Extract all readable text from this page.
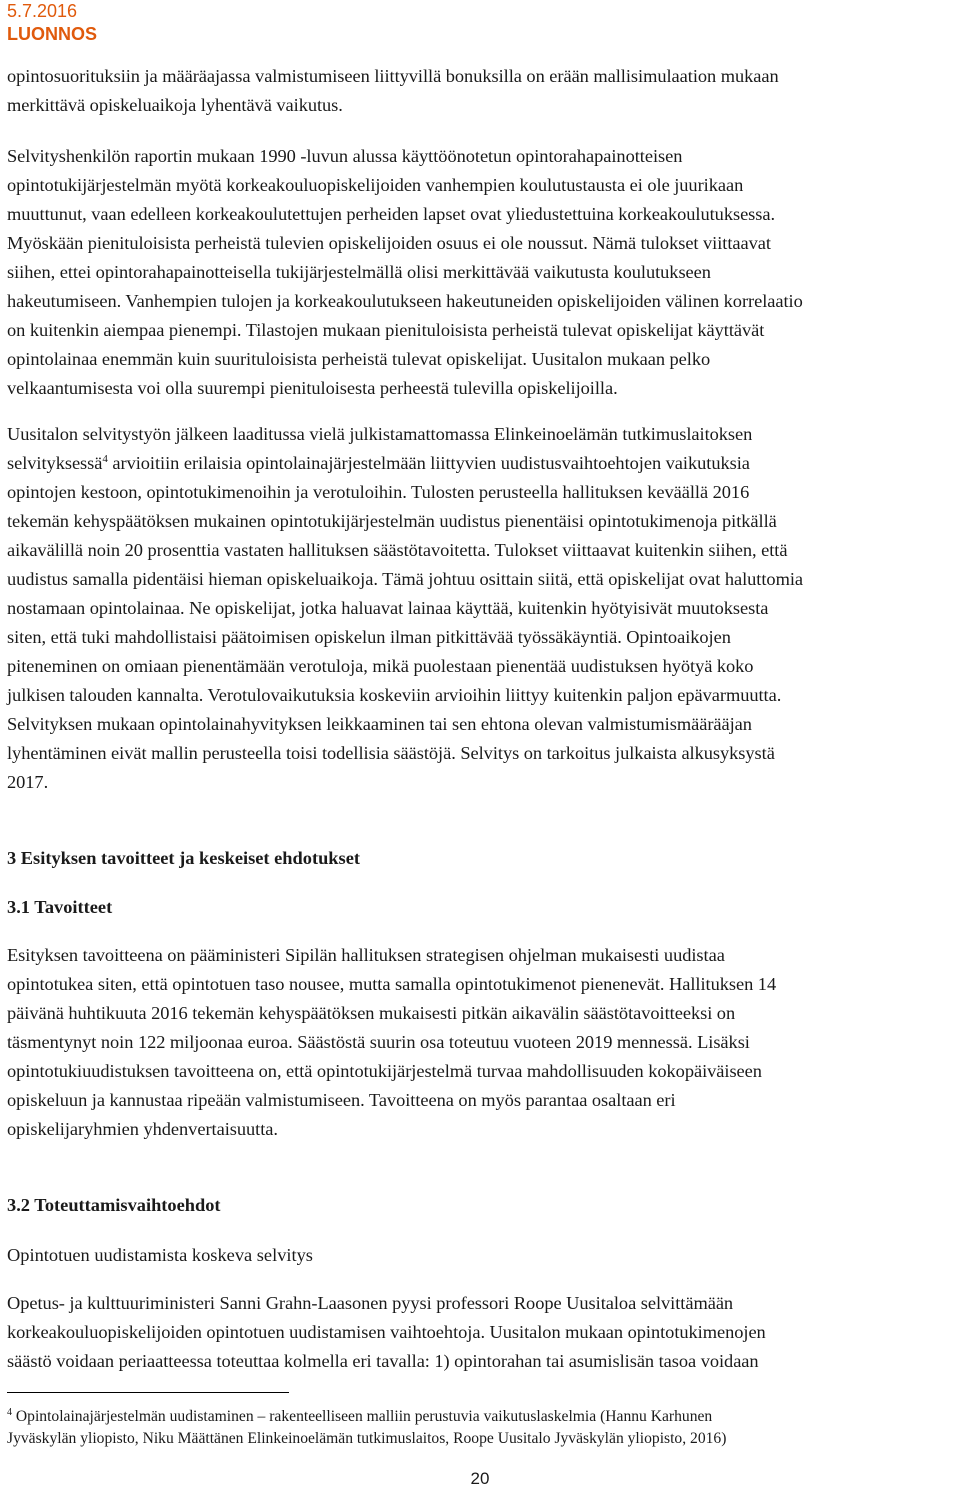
5.7.2016
LUONNOS

opintosuorituksiin ja määräajassa valmistumiseen liittyvillä bonuksilla on erään mallisimulaation mukaan
merkittävä opiskeluaikoja lyhentävä vaikutus.

Selvityshenkilön raportin mukaan 1990 -luvun alussa käyttöönotetun opintorahapainotteisen
opintotukijärjestelmän myötä korkeakouluopiskelijoiden vanhempien koulutustausta ei ole juurikaan
muuttunut, vaan edelleen korkeakoulutettujen perheiden lapset ovat yliedustettuina korkeakoulutuksessa.
Myöskään pienituloisista perheistä tulevien opiskelijoiden osuus ei ole noussut. Nämä tulokset viittaavat
siihen, ettei opintorahapainotteisella tukijärjestelmällä olisi merkittävää vaikutusta koulutukseen
hakeutumiseen. Vanhempien tulojen ja korkeakoulutukseen hakeutuneiden opiskelijoiden välinen korrelaatio
on kuitenkin aiempaa pienempi. Tilastojen mukaan pienituloisista perheistä tulevat opiskelijat käyttävät
opintolainaa enemmän kuin suurituloisista perheistä tulevat opiskelijat. Uusitalon mukaan pelko
velkaantumisesta voi olla suurempi pienituloisesta perheestä tulevilla opiskelijoilla.

Uusitalon selvitystyön jälkeen laaditussa vielä julkistamattomassa Elinkeinoelämän tutkimuslaitoksen
selvityksessä$^4$ arvioitiin erilaisia opintolainajärjestelmään liittyvien uudistusvaihtoehtojen vaikutuksia
opintojen kestoon, opintotukimenoihin ja verotuloihin. Tulosten perusteella hallituksen keväällä 2016
tekemän kehyspäätöksen mukainen opintotukijärjestelmän uudistus pienentäisi opintotukimenoja pitkällä
aikavälillä noin 20 prosenttia vastaten hallituksen säästötavoitetta. Tulokset viittaavat kuitenkin siihen, että
uudistus samalla pidentäisi hieman opiskeluaikoja. Tämä johtuu osittain siitä, että opiskelijat ovat haluttomia
nostamaan opintolainaa. Ne opiskelijat, jotka haluavat lainaa käyttää, kuitenkin hyötyisivät muutoksesta
siten, että tuki mahdollistaisi päätoimisen opiskelun ilman pitkittävää työssäkäyntiä. Opintoaikojen
piteneminen on omiaan pienentämään verotuloja, mikä puolestaan pienentää uudistuksen hyötyä koko
julkisen talouden kannalta. Verotulovaikutuksia koskeviin arvioihin liittyy kuitenkin paljon epävarmuutta.
Selvityksen mukaan opintolainahyvityksen leikkaaminen tai sen ehtona olevan valmistumismäärääjan
lyhentäminen eivät mallin perusteella toisi todellisia säästöjä. Selvitys on tarkoitus julkaista alkusyksystä
2017.

3 Esityksen tavoitteet ja keskeiset ehdotukset
3.1 Tavoitteet

Esityksen tavoitteena on pääministeri Sipilän hallituksen strategisen ohjelman mukaisesti uudistaa
opintotukea siten, että opintotuen taso nousee, mutta samalla opintotukimenot pienenevät. Hallituksen 14
päivänä huhtikuuta 2016 tekemän kehyspäätöksen mukaisesti pitkän aikavälin säästötavoitteeksi on
täsmentynyt noin 122 miljoonaa euroa. Säästöstä suurin osa toteutuu vuoteen 2019 mennessä. Lisäksi
opintotukiuudistuksen tavoitteena on, että opintotukijärjestelmä turvaa mahdollisuuden kokopäiväiseen
opiskeluun ja kannustaa ripeään valmistumiseen. Tavoitteena on myös parantaa osaltaan eri
opiskelijaryhmien yhdenvertaisuutta.

3.2 Toteuttamisvaihtoehdot
Opintotuen uudistamista koskeva selvitys

Opetus- ja kulttuuriministeri Sanni Grahn-Laasonen pyysi professori Roope Uusitaloa selvittämään
korkeakouluopiskelijoiden opintotuen uudistamisen vaihtoehtoja. Uusitalon mukaan opintotukimenojen
säästö voidaan periaatteessa toteuttaa kolmella eri tavalla: 1) opintorahan tai asumislisän tasoa voidaan

$^4$ Opintolainajärjestelmän uudistaminen – rakenteelliseen malliin perustuvia vaikutuslaskelmia (Hannu Karhunen
Jyväskylän yliopisto, Niku Määttänen Elinkeinoelämän tutkimuslaitos, Roope Uusitalo Jyväskylän yliopisto, 2016)

20
